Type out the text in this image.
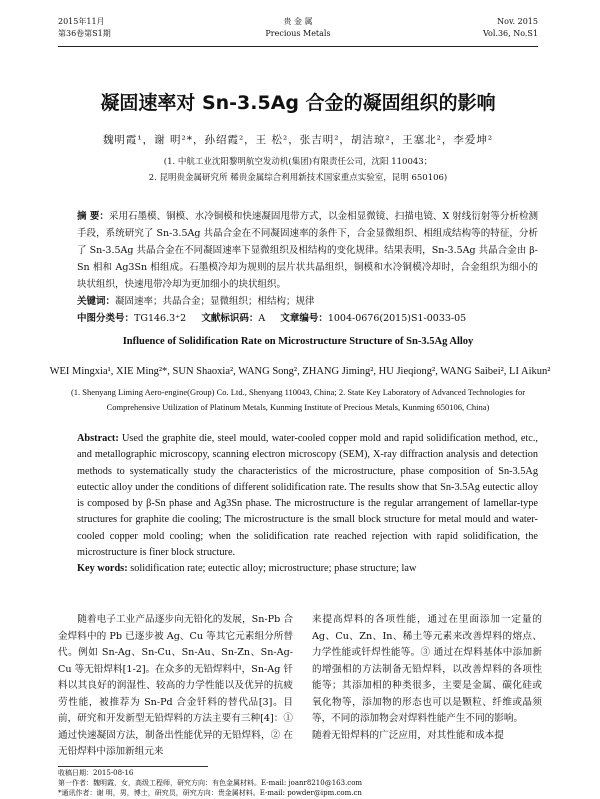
2015年11月
第36卷第S1期
贵 金 属
Precious Metals
Nov. 2015
Vol.36, No.S1
凝固速率对 Sn-3.5Ag 合金的凝固组织的影响
魏明霞¹，谢 明²*，孙绍霞²，王 松²，张吉明²，胡洁琼²，王塞北²，李爱坤²
(1. 中航工业沈阳黎明航空发动机(集团)有限责任公司，沈阳 110043；
2. 昆明贵金属研究所 稀贵金属综合利用新技术国家重点实验室，昆明 650106)
摘 要：采用石墨模、铜模、水冷铜模和快速凝固甩带方式，以金相显微镜、扫描电镜、X 射线衍射等分析检测手段，系统研究了 Sn-3.5Ag 共晶合金在不同凝固速率的条件下，合金显微组织、相组成结构等的特征，分析了 Sn-3.5Ag 共晶合金在不同凝固速率下显微组织及相结构的变化规律。结果表明，Sn-3.5Ag 共晶合金由 β-Sn 相和 Ag3Sn 相组成。石墨模冷却为规则的层片状共晶组织，铜模和水冷铜模冷却时，合金组织为细小的块状组织，快速甩带冷却为更加细小的块状组织。
关键词：凝固速率；共晶合金；显微组织；相结构；规律
中图分类号：TG146.3⁺2 文献标识码：A 文章编号：1004-0676(2015)S1-0033-05
Influence of Solidification Rate on Microstructure Structure of Sn-3.5Ag Alloy
WEI Mingxia¹, XIE Ming²*, SUN Shaoxia², WANG Song², ZHANG Jiming², HU Jieqiong², WANG Saibei², LI Aikun²
(1. Shenyang Liming Aero-engine(Group) Co. Ltd., Shenyang 110043, China; 2. State Key Laboratory of Advanced Technologies for
Comprehensive Utilization of Platinum Metals, Kunming Institute of Precious Metals, Kunming 650106, China)
Abstract: Used the graphite die, steel mould, water-cooled copper mold and rapid solidification method, etc., and metallographic microscopy, scanning electron microscopy (SEM), X-ray diffraction analysis and detection methods to systematically study the characteristics of the microstructure, phase composition of Sn-3.5Ag eutectic alloy under the conditions of different solidification rate. The results show that Sn-3.5Ag eutectic alloy is composed by β-Sn phase and Ag3Sn phase. The microstructure is the regular arrangement of lamellar-type structures for graphite die cooling; The microstructure is the small block structure for metal mould and water-cooled copper mold cooling; when the solidification rate reached rejection with rapid solidification, the microstructure is finer block structure.
Key words: solidification rate; eutectic alloy; microstructure; phase structure; law
随着电子工业产品逐步向无铅化的发展，Sn-Pb 合金焊料中的 Pb 已逐步被 Ag、Cu 等其它元素组分所替代。例如 Sn-Ag、Sn-Cu、Sn-Au、Sn-Zn、Sn-Ag-Cu 等无铅焊料[1-2]。在众多的无铅焊料中，Sn-Ag 钎料以其良好的润湿性、较高的力学性能以及优异的抗疲劳性能，被推荐为 Sn-Pd 合金钎料的替代品[3]。目前，研究和开发新型无铅焊料的方法主要有三种[4]：① 通过快速凝固方法，制备出性能优异的无铅焊料，② 在无铅焊料中添加新组元来
来提高焊料的各项性能，通过在里面添加一定量的 Ag、Cu、Zn、In、稀土等元素来改善焊料的熔点、力学性能或钎焊性能等。③ 通过在焊料基体中添加新的增强相的方法制备无铅焊料，以改善焊料的各项性能等；其添加相的种类很多，主要是金属、碳化硅或氧化物等，添加物的形态也可以是颗粒、纤维或晶须等，不同的添加物会对焊料性能产生不同的影响。
随着无铅焊料的广泛应用，对其性能和成本提
收稿日期：2015-08-16
第一作者：魏明霞，女，高级工程师，研究方向：有色金属材料。E-mail: joanr8210@163.com
*通讯作者：谢 明，男，博士，研究员，研究方向：贵金属材料。E-mail: powder@ipm.com.cn
